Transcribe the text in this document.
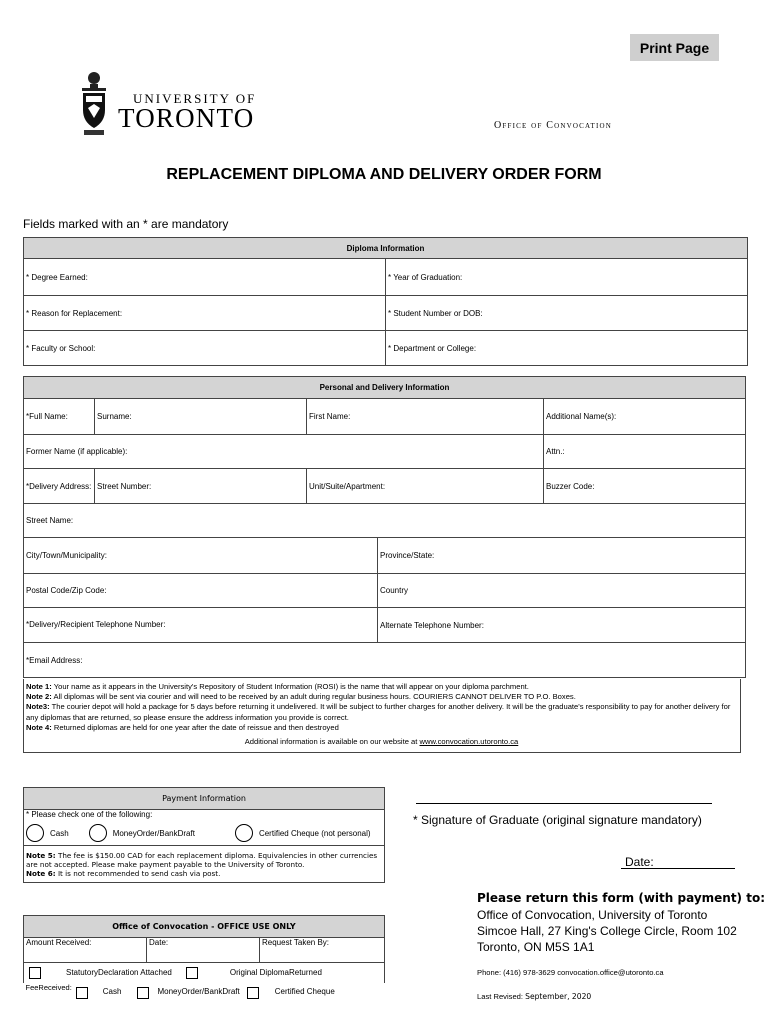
Print Page
UNIVERSITY OF
TORONTO	Office of Convocation
REPLACEMENT DIPLOMA AND DELIVERY ORDER FORM
Fields marked with an * are mandatory
Diploma Information	
* Degree Earned:	* Year of Graduation:
* Reason for Replacement:	* Student Number or DOB:
* Faculty or School:	* Department or College:
Personal and Delivery Information				
*Full Name:	Surname:	First Name:		Additional Name(s):
Former Name (if applicable):				Attn.:
*Delivery Address:	Street Number:	Unit/Suite/Apartment:		Buzzer Code:
Street Name:				
City/Town/Municipality:			Province/State:	
Postal Code/Zip Code:			Country	
*Delivery/Recipient Telephone Number:			Alternate Telephone Number:	
*Email Address:				
Note 1: Your name as it appears in the University's Repository of Student Information (ROSI) is the name that will appear on your diploma parchment.
Note 2: All diplomas will be sent via courier and will need to be received by an adult during regular business hours. COURIERS CANNOT DELIVER TO P.O. Boxes.
Note3: The courier depot will hold a package for 5 days before returning it undelivered. It will be subject to further charges for another delivery. It will be the graduate's responsibility to pay for another delivery for any diplomas that are returned, so please ensure the address information you provide is correct.
Note 4: Returned diplomas are held for one year after the date of reissue and then destroyed
Additional information is available on our website at www.convocation.utoronto.ca
Payment Information
* Please check one of the following:

Cash	MoneyOrder/BankDraft	Certified Cheque (not personal)

Note 5: The fee is $150.00 CAD for each replacement diploma. Equivalencies in other currencies are not accepted. Please make payment payable to the University of Toronto.
Note 6: It is not recommended to send cash via post.
Office of Convocation - OFFICE USE ONLY
Amount Received:	Date:	Request Taken By:

StatutoryDeclaration Attached	Original DiplomaReturned

FeeReceived:	Cash	MoneyOrder/BankDraft	Certified Cheque
* Signature of Graduate (original signature mandatory)
Date:
Please return this form (with payment) to:
Office of Convocation, University of Toronto
Simcoe Hall, 27 King's College Circle, Room 102
Toronto, ON M5S 1A1
Phone: (416) 978-3629 convocation.office@utoronto.ca
Last Revised: September, 2020
